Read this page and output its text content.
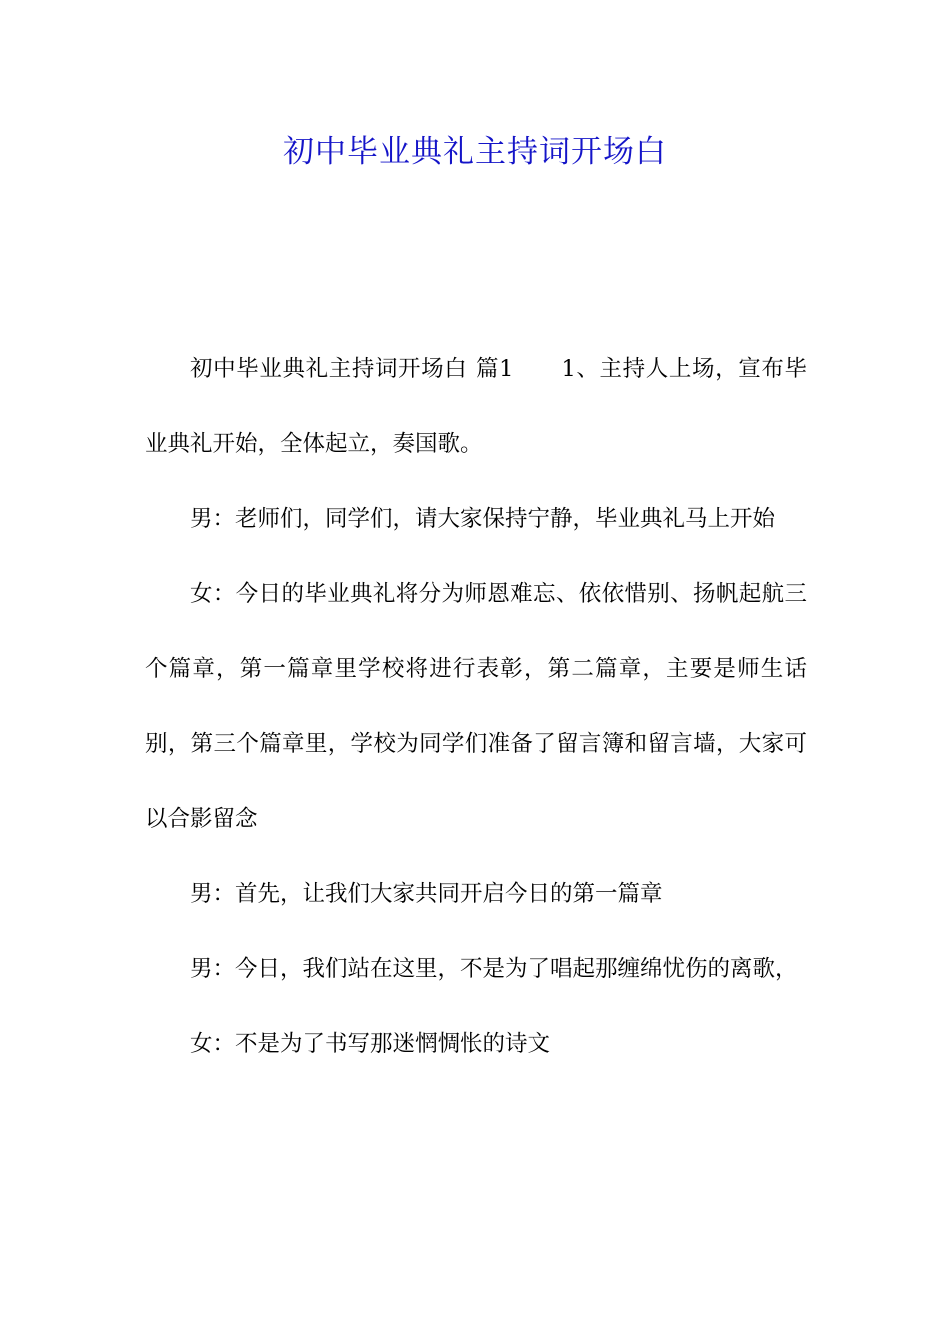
初中毕业典礼主持词开场白

初中毕业典礼主持词开场白 篇1 1、主持人上场，宣布毕业典礼开始，全体起立，奏国歌。

男：老师们，同学们，请大家保持宁静，毕业典礼马上开始

女：今日的毕业典礼将分为师恩难忘、依依惜别、扬帆起航三个篇章，第一篇章里学校将进行表彰，第二篇章，主要是师生话别，第三个篇章里，学校为同学们准备了留言簿和留言墙，大家可以合影留念

男：首先，让我们大家共同开启今日的第一篇章

男：今日，我们站在这里，不是为了唱起那缠绵忧伤的离歌，

女：不是为了书写那迷惘惆怅的诗文
